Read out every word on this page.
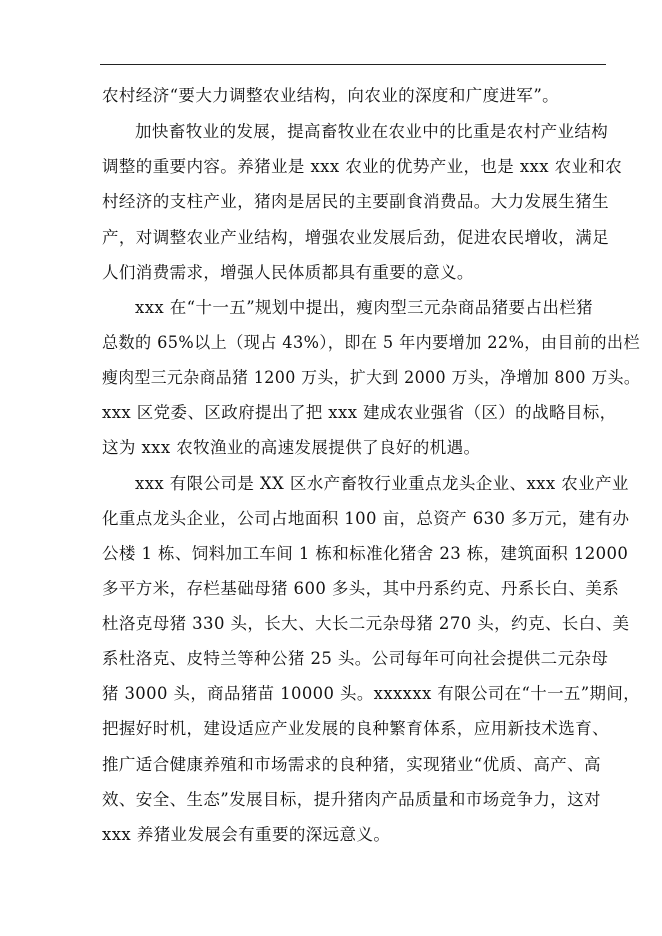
农村经济“要大力调整农业结构，向农业的深度和广度进军”。
加快畜牧业的发展，提高畜牧业在农业中的比重是农村产业结构
调整的重要内容。养猪业是 xxx 农业的优势产业，也是 xxx 农业和农
村经济的支柱产业，猪肉是居民的主要副食消费品。大力发展生猪生
产，对调整农业产业结构，增强农业发展后劲，促进农民增收，满足
人们消费需求，增强人民体质都具有重要的意义。
xxx 在“十一五”规划中提出，瘦肉型三元杂商品猪要占出栏猪
总数的 65%以上（现占 43%），即在 5 年内要增加 22%，由目前的出栏
瘦肉型三元杂商品猪 1200 万头，扩大到 2000 万头，净增加 800 万头。
xxx 区党委、区政府提出了把 xxx 建成农业强省（区）的战略目标，
这为 xxx 农牧渔业的高速发展提供了良好的机遇。
xxx 有限公司是 XX 区水产畜牧行业重点龙头企业、xxx 农业产业
化重点龙头企业，公司占地面积 100 亩，总资产 630 多万元，建有办
公楼 1 栋、饲料加工车间 1 栋和标准化猪舍 23 栋，建筑面积 12000
多平方米，存栏基础母猪 600 多头，其中丹系约克、丹系长白、美系
杜洛克母猪 330 头，长大、大长二元杂母猪 270 头，约克、长白、美
系杜洛克、皮特兰等种公猪 25 头。公司每年可向社会提供二元杂母
猪 3000 头，商品猪苗 10000 头。xxxxxx 有限公司在“十一五”期间，
把握好时机，建设适应产业发展的良种繁育体系，应用新技术选育、
推广适合健康养殖和市场需求的良种猪，实现猪业“优质、高产、高
效、安全、生态”发展目标，提升猪肉产品质量和市场竞争力，这对
xxx 养猪业发展会有重要的深远意义。
